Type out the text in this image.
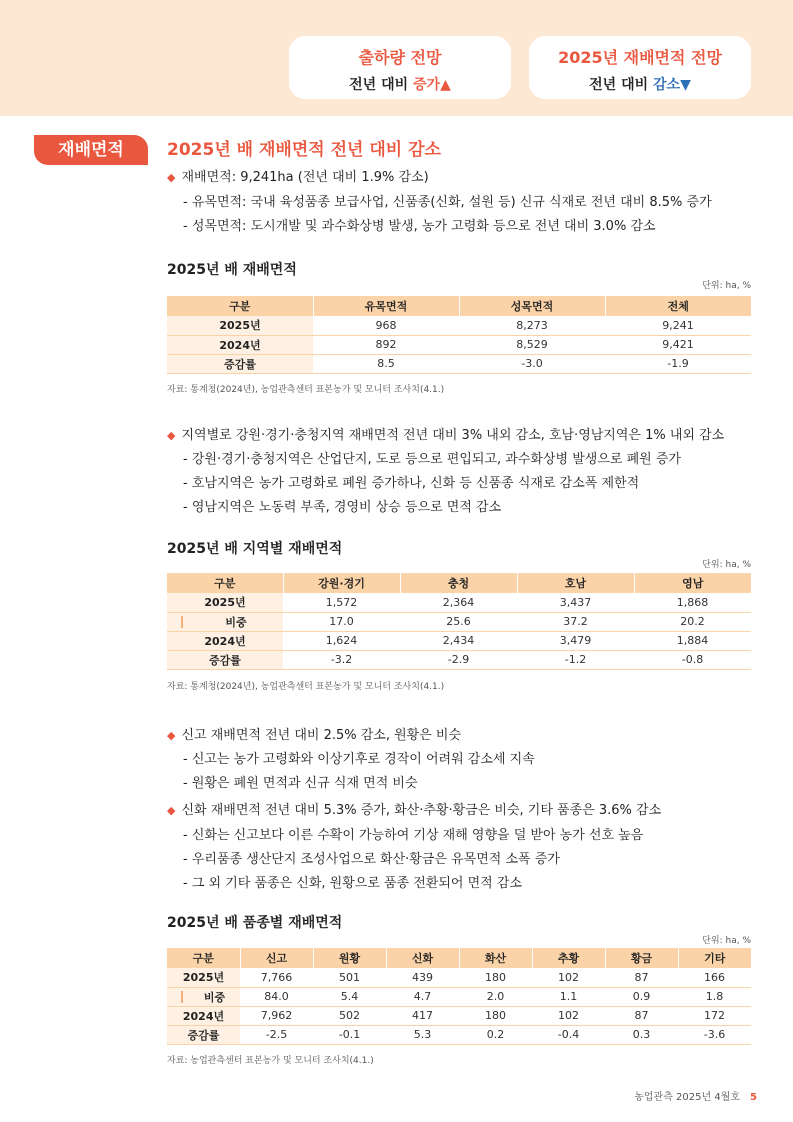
출하량 전망
전년 대비 증가▲
2025년 재배면적 전망
전년 대비 감소▼
재배면적	2025년 배 재배면적 전년 대비 감소
◆ 재배면적: 9,241ha (전년 대비 1.9% 감소)
- 유목면적: 국내 육성품종 보급사업, 신품종(신화, 설원 등) 신규 식재로 전년 대비 8.5% 증가
- 성목면적: 도시개발 및 과수화상병 발생, 농가 고령화 등으로 전년 대비 3.0% 감소
2025년 배 재배면적
단위: ha, %
구분	유목면적	성목면적	전체
2025년	968	8,273	9,241
2024년	892	8,529	9,421
증감률	8.5	-3.0	-1.9
자료: 통계청(2024년), 농업관측센터 표본농가 및 모니터 조사치(4.1.)
◆ 지역별로 강원·경기·충청지역 재배면적 전년 대비 3% 내외 감소, 호남·영남지역은 1% 내외 감소
- 강원·경기·충청지역은 산업단지, 도로 등으로 편입되고, 과수화상병 발생으로 폐원 증가
- 호남지역은 농가 고령화로 폐원 증가하나, 신화 등 신품종 식재로 감소폭 제한적
- 영남지역은 노동력 부족, 경영비 상승 등으로 면적 감소
2025년 배 지역별 재배면적
단위: ha, %
구분	강원·경기	충청	호남	영남
2025년	1,572	2,364	3,437	1,868
비중	17.0	25.6	37.2	20.2
2024년	1,624	2,434	3,479	1,884
증감률	-3.2	-2.9	-1.2	-0.8
자료: 통계청(2024년), 농업관측센터 표본농가 및 모니터 조사치(4.1.)
◆ 신고 재배면적 전년 대비 2.5% 감소, 원황은 비슷
- 신고는 농가 고령화와 이상기후로 경작이 어려워 감소세 지속
- 원황은 폐원 면적과 신규 식재 면적 비슷
◆ 신화 재배면적 전년 대비 5.3% 증가, 화산·추황·황금은 비슷, 기타 품종은 3.6% 감소
- 신화는 신고보다 이른 수확이 가능하여 기상 재해 영향을 덜 받아 농가 선호 높음
- 우리품종 생산단지 조성사업으로 화산·황금은 유목면적 소폭 증가
- 그 외 기타 품종은 신화, 원황으로 품종 전환되어 면적 감소
2025년 배 품종별 재배면적
단위: ha, %
구분	신고	원황	신화	화산	추황	황금	기타
2025년	7,766	501	439	180	102	87	166
비중	84.0	5.4	4.7	2.0	1.1	0.9	1.8
2024년	7,962	502	417	180	102	87	172
증감률	-2.5	-0.1	5.3	0.2	-0.4	0.3	-3.6
자료: 농업관측센터 표본농가 및 모니터 조사치(4.1.)
농업관측 2025년 4월호 5
